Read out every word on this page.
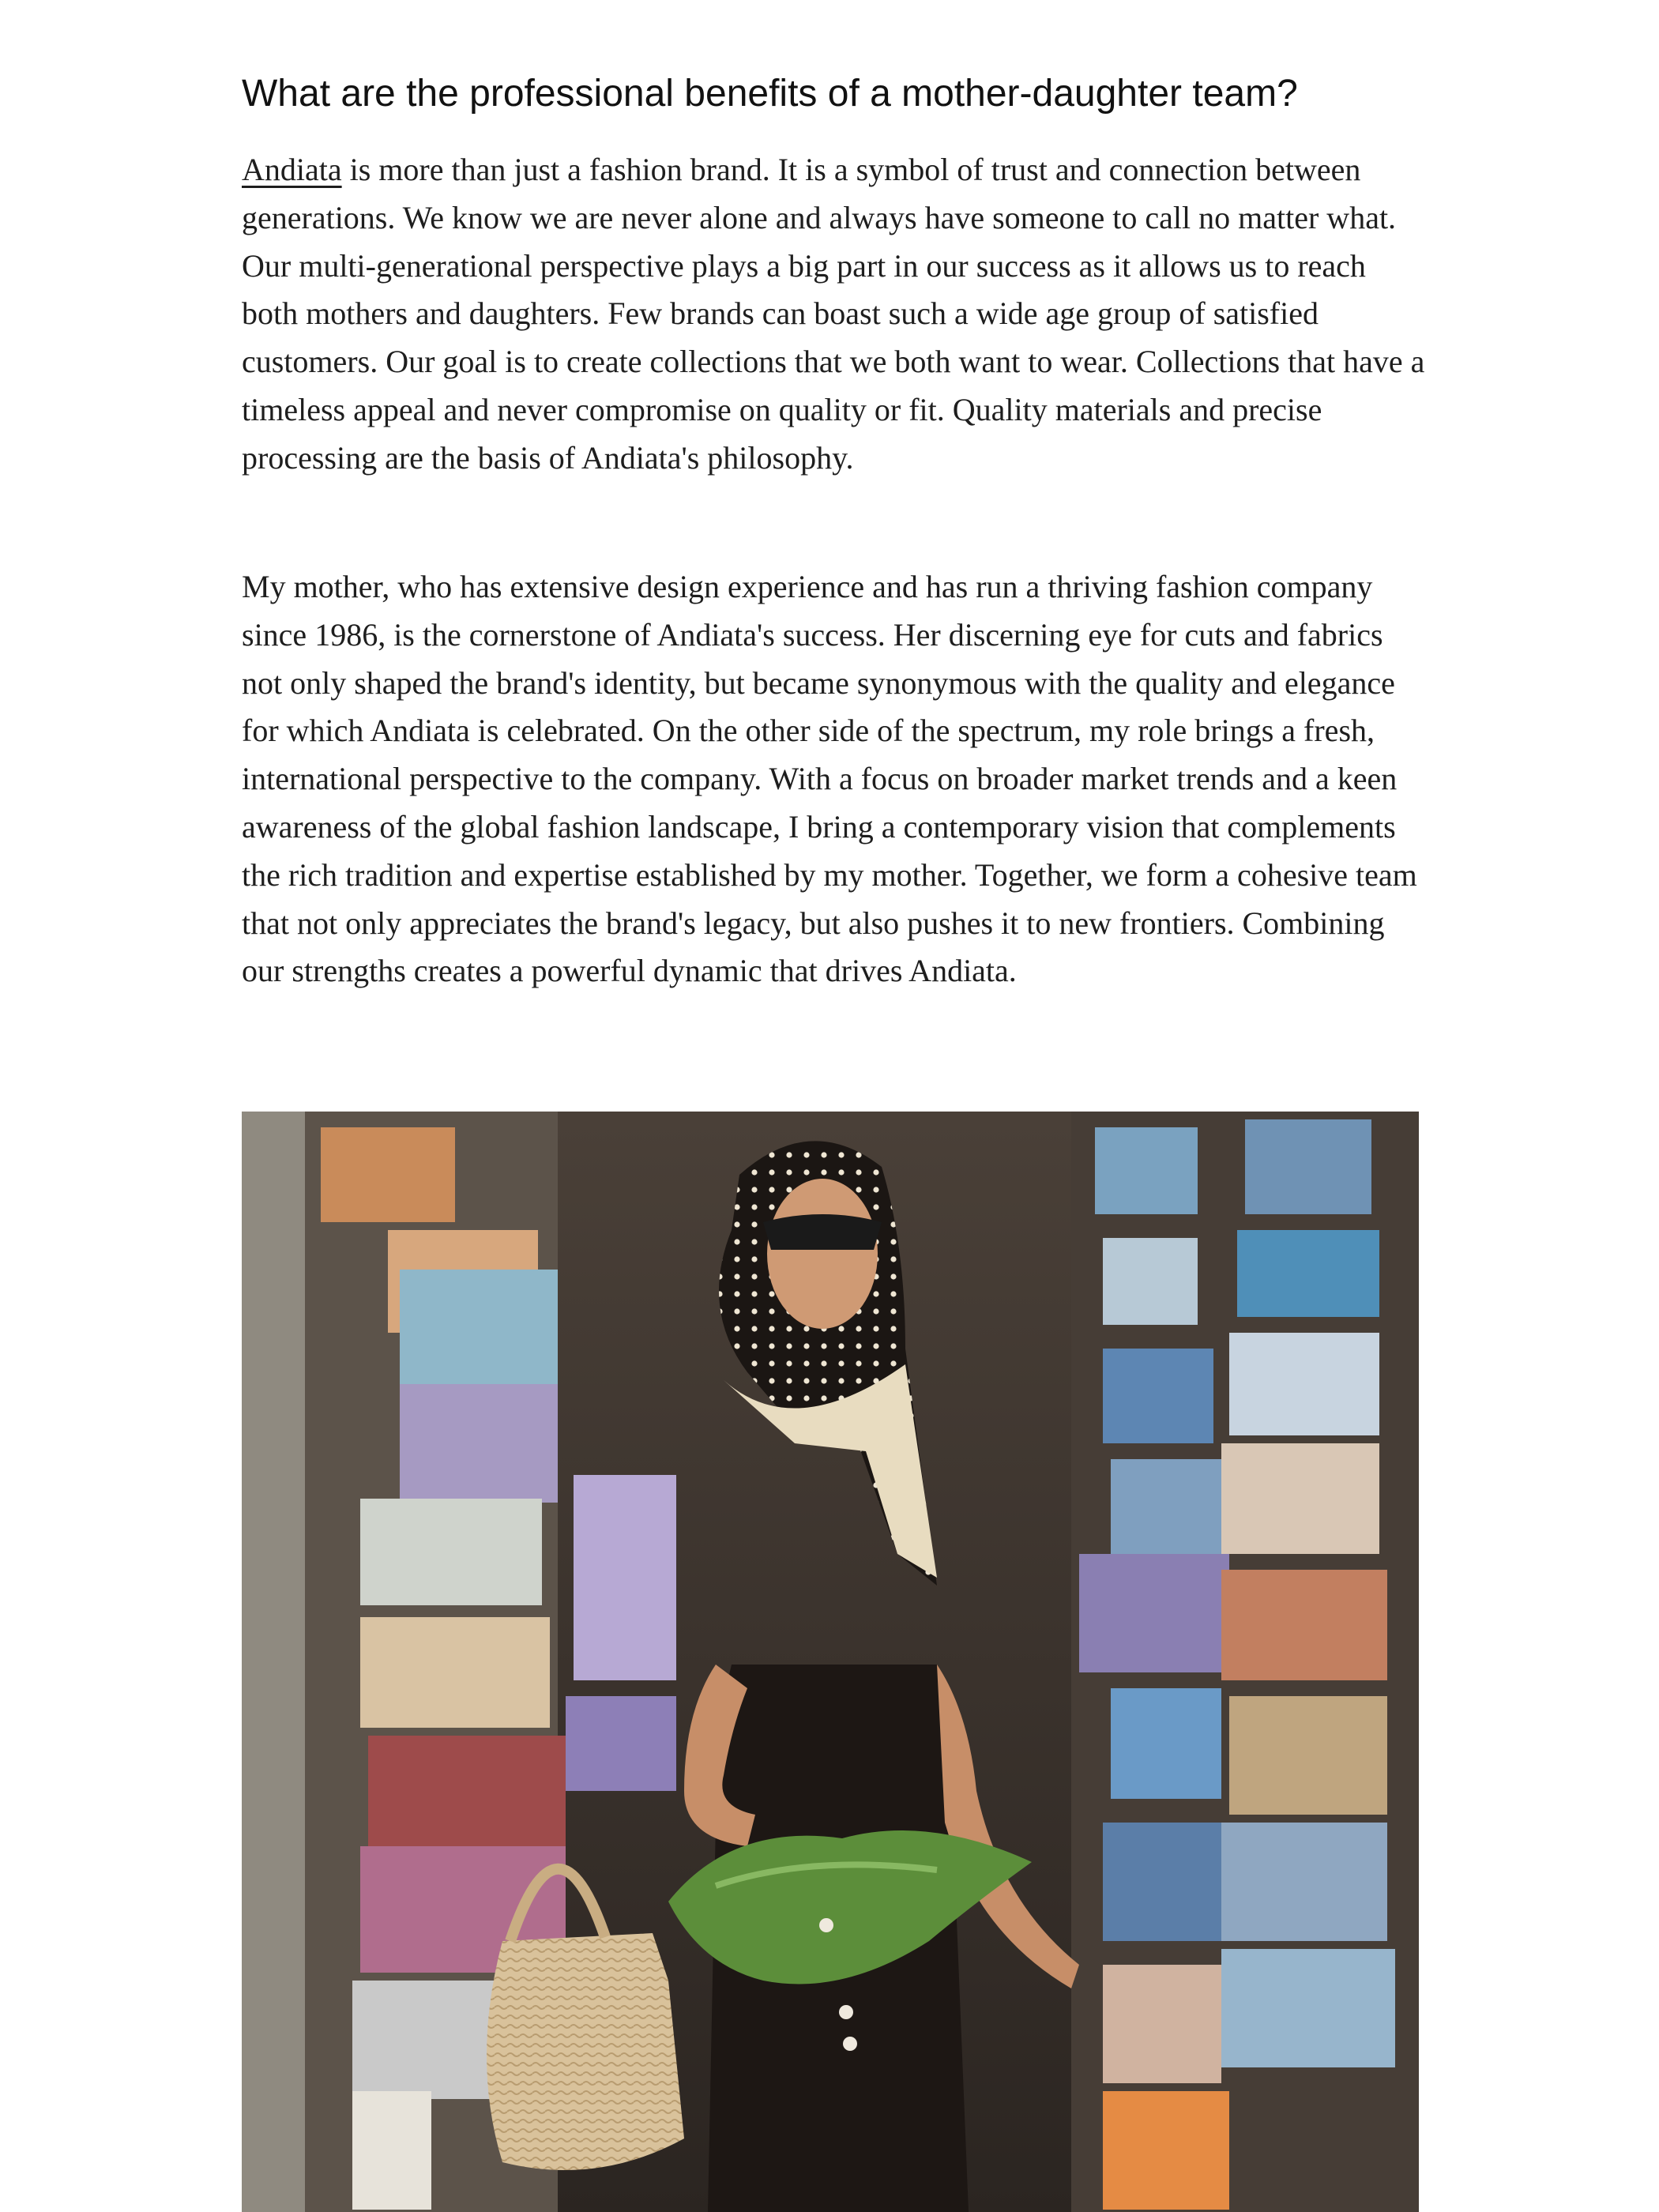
What are the professional benefits of a mother-daughter team?

Andiata is more than just a fashion brand. It is a symbol of trust and connection between generations. We know we are never alone and always have someone to call no matter what. Our multi-generational perspective plays a big part in our success as it allows us to reach both mothers and daughters. Few brands can boast such a wide age group of satisfied customers. Our goal is to create collections that we both want to wear. Collections that have a timeless appeal and never compromise on quality or fit. Quality materials and precise processing are the basis of Andiata's philosophy.

My mother, who has extensive design experience and has run a thriving fashion company since 1986, is the cornerstone of Andiata's success. Her discerning eye for cuts and fabrics not only shaped the brand's identity, but became synonymous with the quality and elegance for which Andiata is celebrated. On the other side of the spectrum, my role brings a fresh, international perspective to the company. With a focus on broader market trends and a keen awareness of the global fashion landscape, I bring a contemporary vision that complements the rich tradition and expertise established by my mother. Together, we form a cohesive team that not only appreciates the brand's legacy, but also pushes it to new frontiers. Combining our strengths creates a powerful dynamic that drives Andiata.
